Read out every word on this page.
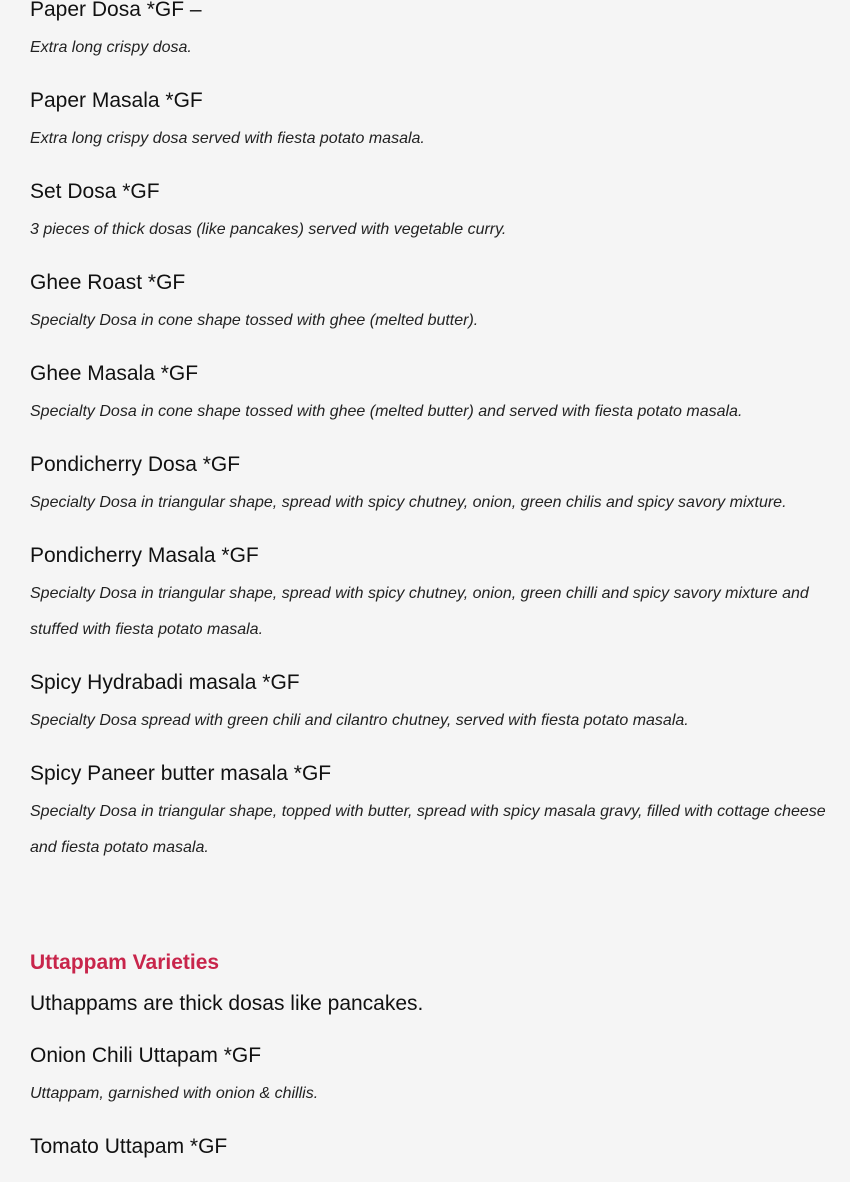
Paper Dosa *GF –

Extra long crispy dosa.

Paper Masala *GF

Extra long crispy dosa served with fiesta potato masala.

Set Dosa *GF

3 pieces of thick dosas (like pancakes) served with vegetable curry.

Ghee Roast *GF

Specialty Dosa in cone shape tossed with ghee (melted butter).

Ghee Masala *GF

Specialty Dosa in cone shape tossed with ghee (melted butter) and served with fiesta potato masala.

Pondicherry Dosa *GF

Specialty Dosa in triangular shape, spread with spicy chutney, onion, green chilis and spicy savory mixture.

Pondicherry Masala *GF

Specialty Dosa in triangular shape, spread with spicy chutney, onion, green chilli and spicy savory mixture and stuffed with fiesta potato masala.

Spicy Hydrabadi masala *GF

Specialty Dosa spread with green chili and cilantro chutney, served with fiesta potato masala.

Spicy Paneer butter masala *GF

Specialty Dosa in triangular shape, topped with butter, spread with spicy masala gravy, filled with cottage cheese and fiesta potato masala.

Uttappam Varieties

Uthappams are thick dosas like pancakes.

Onion Chili Uttapam *GF

Uttappam, garnished with onion & chillis.

Tomato Uttapam *GF
